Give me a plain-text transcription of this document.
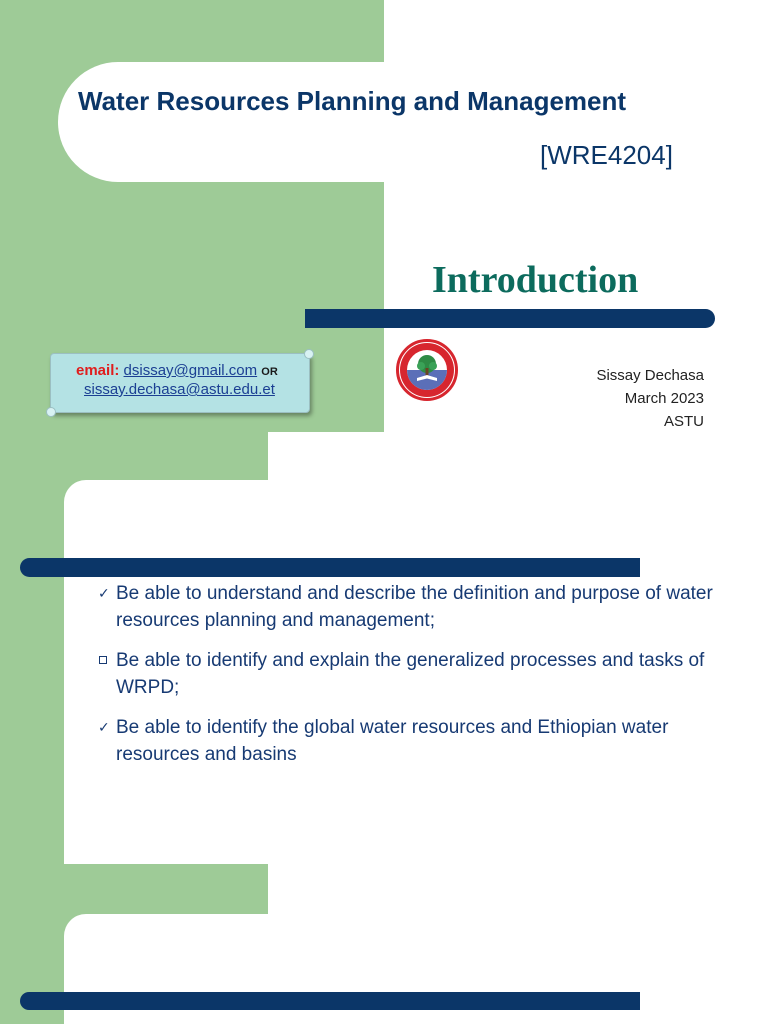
Water Resources Planning and Management
[WRE4204]
Introduction
email: dsissay@gmail.com OR
sissay.dechasa@astu.edu.et
Sissay Dechasa
March 2023
ASTU
✓ Be able to understand and describe the definition and purpose of water resources planning and management;
Be able to identify and explain the generalized processes and tasks of WRPD;
✓ Be able to identify the global water resources and Ethiopian water resources and basins
